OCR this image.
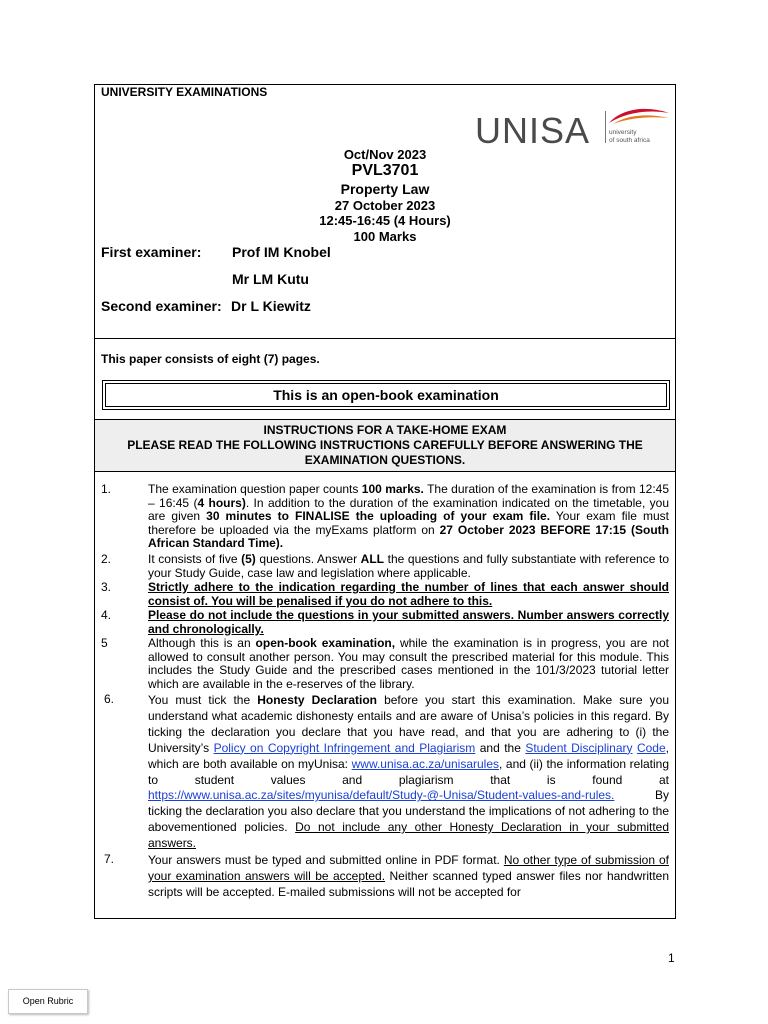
UNIVERSITY EXAMINATIONS
UNISA	university
of south africa
Oct/Nov 2023
PVL3701
Property Law
27 October 2023
12:45-16:45 (4 Hours)
100 Marks
First examiner: Prof IM Knobel
Mr LM Kutu
Second examiner: Dr L Kiewitz
This paper consists of eight (7) pages.
This is an open-book examination
INSTRUCTIONS FOR A TAKE-HOME EXAM
PLEASE READ THE FOLLOWING INSTRUCTIONS CAREFULLY BEFORE ANSWERING THE
EXAMINATION QUESTIONS.
1.	The examination question paper counts 100 marks. The duration of the examination is from 12:45 – 16:45 (4 hours). In addition to the duration of the examination indicated on the timetable, you are given 30 minutes to FINALISE the uploading of your exam file. Your exam file must therefore be uploaded via the myExams platform on 27 October 2023 BEFORE 17:15 (South African Standard Time).
2.	It consists of five (5) questions. Answer ALL the questions and fully substantiate with reference to your Study Guide, case law and legislation where applicable.
3.	Strictly adhere to the indication regarding the number of lines that each answer should consist of. You will be penalised if you do not adhere to this.
4.	Please do not include the questions in your submitted answers. Number answers correctly and chronologically.
5	Although this is an open-book examination, while the examination is in progress, you are not allowed to consult another person. You may consult the prescribed material for this module. This includes the Study Guide and the prescribed cases mentioned in the 101/3/2023 tutorial letter which are available in the e-reserves of the library.
6.	You must tick the Honesty Declaration before you start this examination. Make sure you understand what academic dishonesty entails and are aware of Unisa’s policies in this regard. By ticking the declaration you declare that you have read, and that you are adhering to (i) the University’s Policy on Copyright Infringement and Plagiarism and the Student Disciplinary Code, which are both available on myUnisa: www.unisa.ac.za/unisarules, and (ii) the information relating to student values and plagiarism that is found at https://www.unisa.ac.za/sites/myunisa/default/Study-@-Unisa/Student-values-and-rules. By ticking the declaration you also declare that you understand the implications of not adhering to the abovementioned policies. Do not include any other Honesty Declaration in your submitted answers.
7.	Your answers must be typed and submitted online in PDF format. No other type of submission of your examination answers will be accepted. Neither scanned typed answer files nor handwritten scripts will be accepted. E-mailed submissions will not be accepted for
1
Open Rubric
